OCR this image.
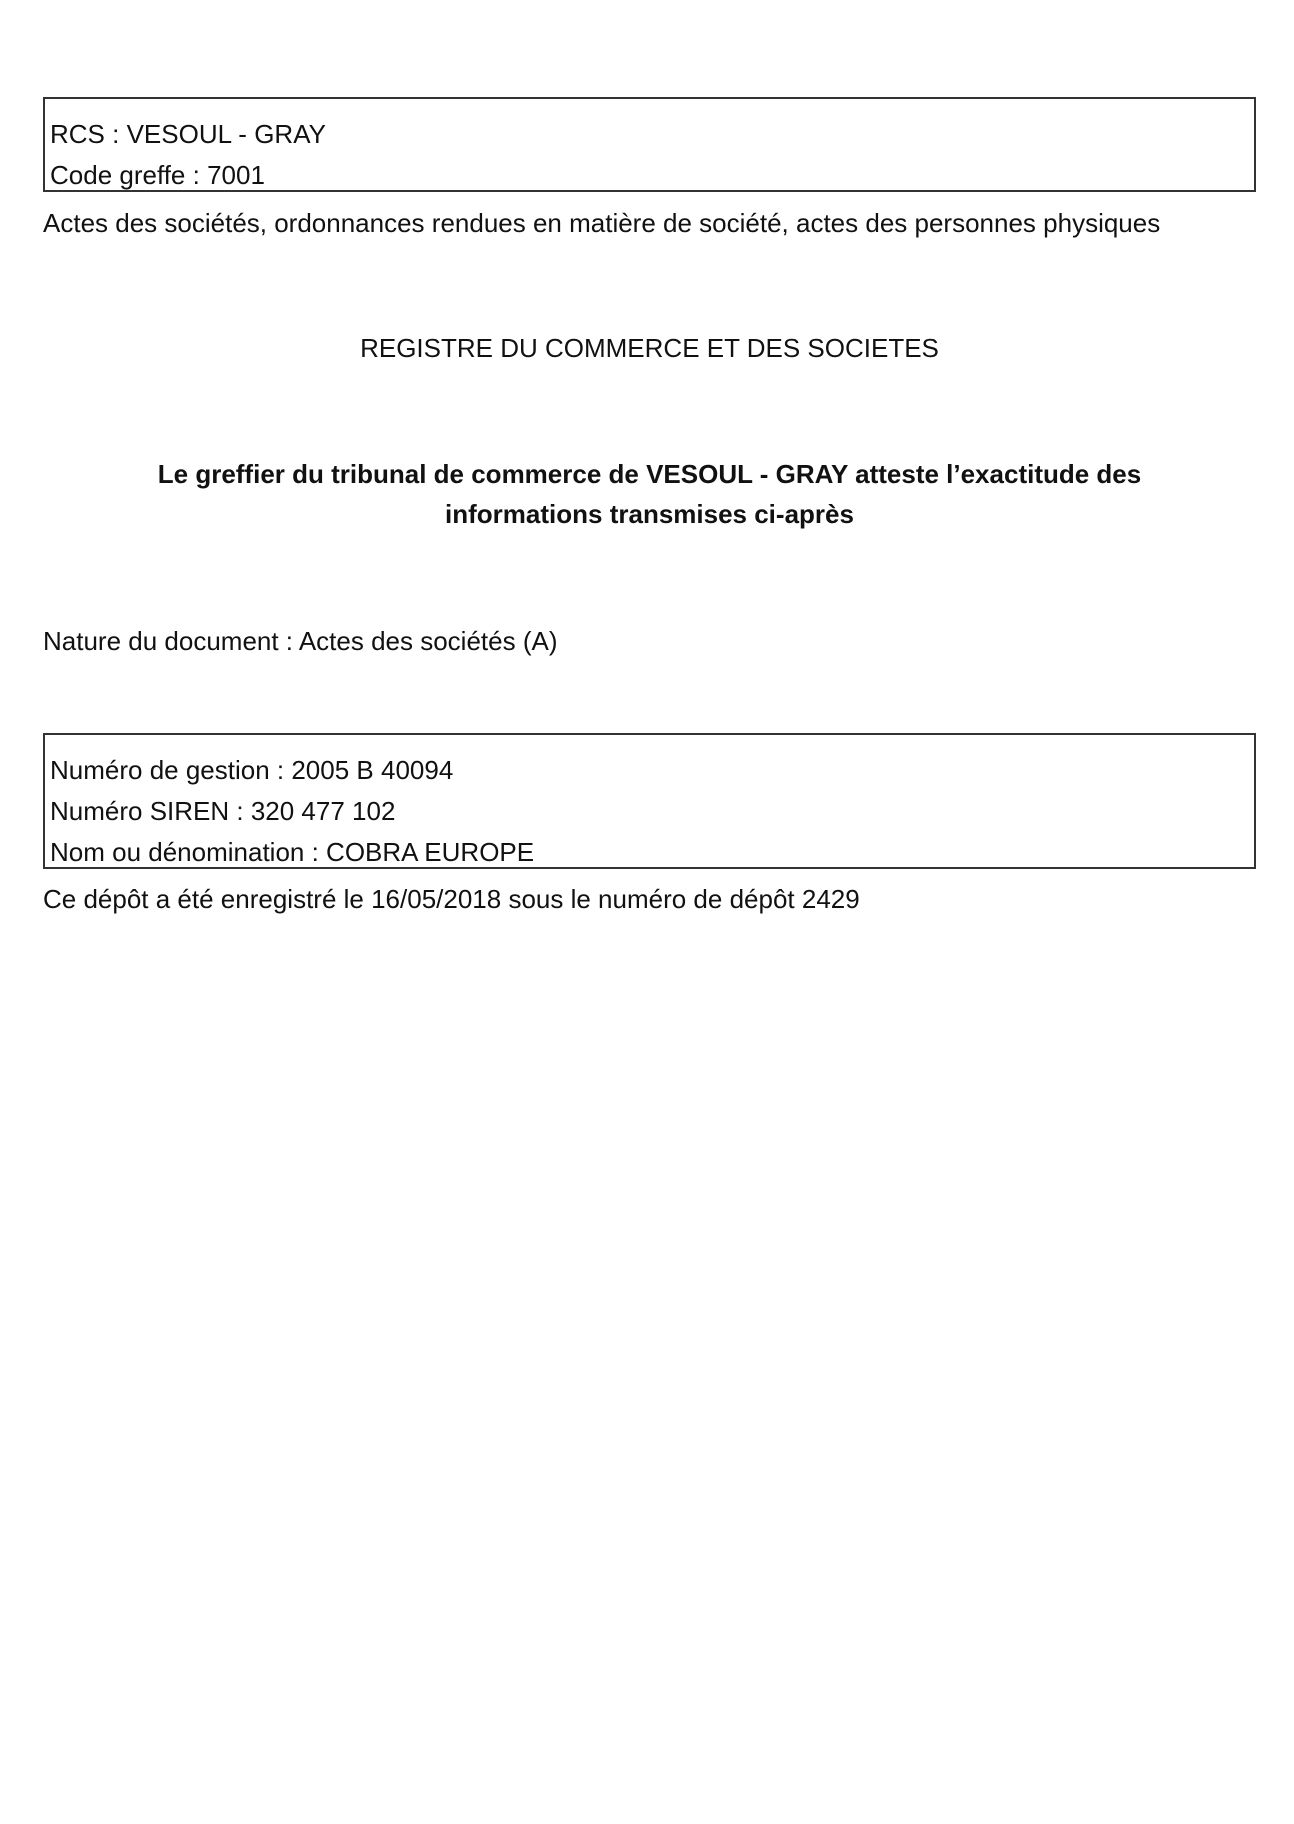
RCS : VESOUL - GRAY
Code greffe : 7001
Actes des sociétés, ordonnances rendues en matière de société, actes des personnes physiques
REGISTRE DU COMMERCE ET DES SOCIETES
Le greffier du tribunal de commerce de VESOUL - GRAY atteste l’exactitude des
informations transmises ci-après
Nature du document : Actes des sociétés (A)
Numéro de gestion : 2005 B 40094
Numéro SIREN : 320 477 102
Nom ou dénomination : COBRA EUROPE
Ce dépôt a été enregistré le 16/05/2018 sous le numéro de dépôt 2429
